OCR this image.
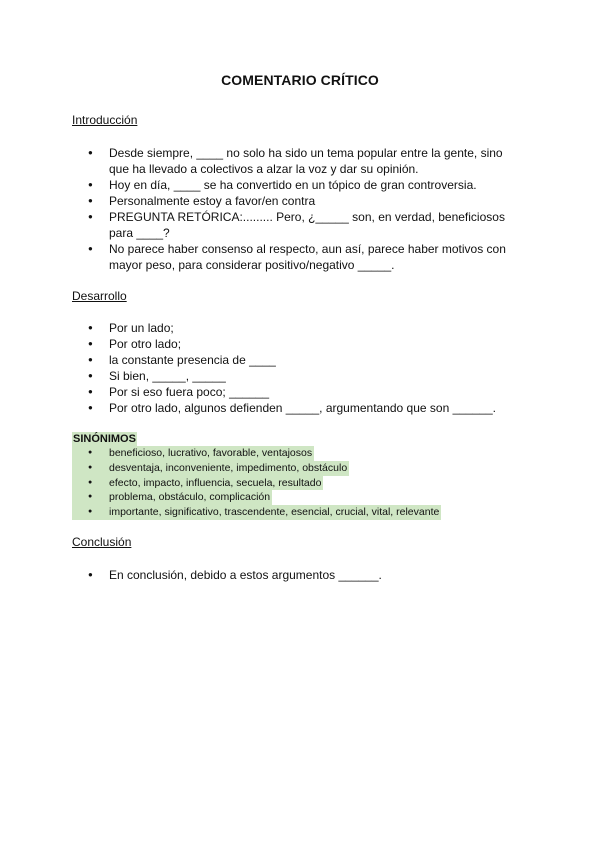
COMENTARIO CRÍTICO
Introducción
● Desde siempre, ____ no solo ha sido un tema popular entre la gente, sino que ha llevado a colectivos a alzar la voz y dar su opinión.
● Hoy en día, ____ se ha convertido en un tópico de gran controversia.
● Personalmente estoy a favor/en contra
● PREGUNTA RETÓRICA:......... Pero, ¿_____ son, en verdad, beneficiosos para ____?
● No parece haber consenso al respecto, aun así, parece haber motivos con mayor peso, para considerar positivo/negativo _____.
Desarrollo
● Por un lado;
● Por otro lado;
● la constante presencia de ____
● Si bien, _____, _____
● Por si eso fuera poco; ______
● Por otro lado, algunos defienden _____, argumentando que son ______.
SINÓNIMOS
● beneficioso, lucrativo, favorable, ventajosos
● desventaja, inconveniente, impedimento, obstáculo
● efecto, impacto, influencia, secuela, resultado
● problema, obstáculo, complicación
● importante, significativo, trascendente, esencial, crucial, vital, relevante
Conclusión
● En conclusión, debido a estos argumentos ______.
